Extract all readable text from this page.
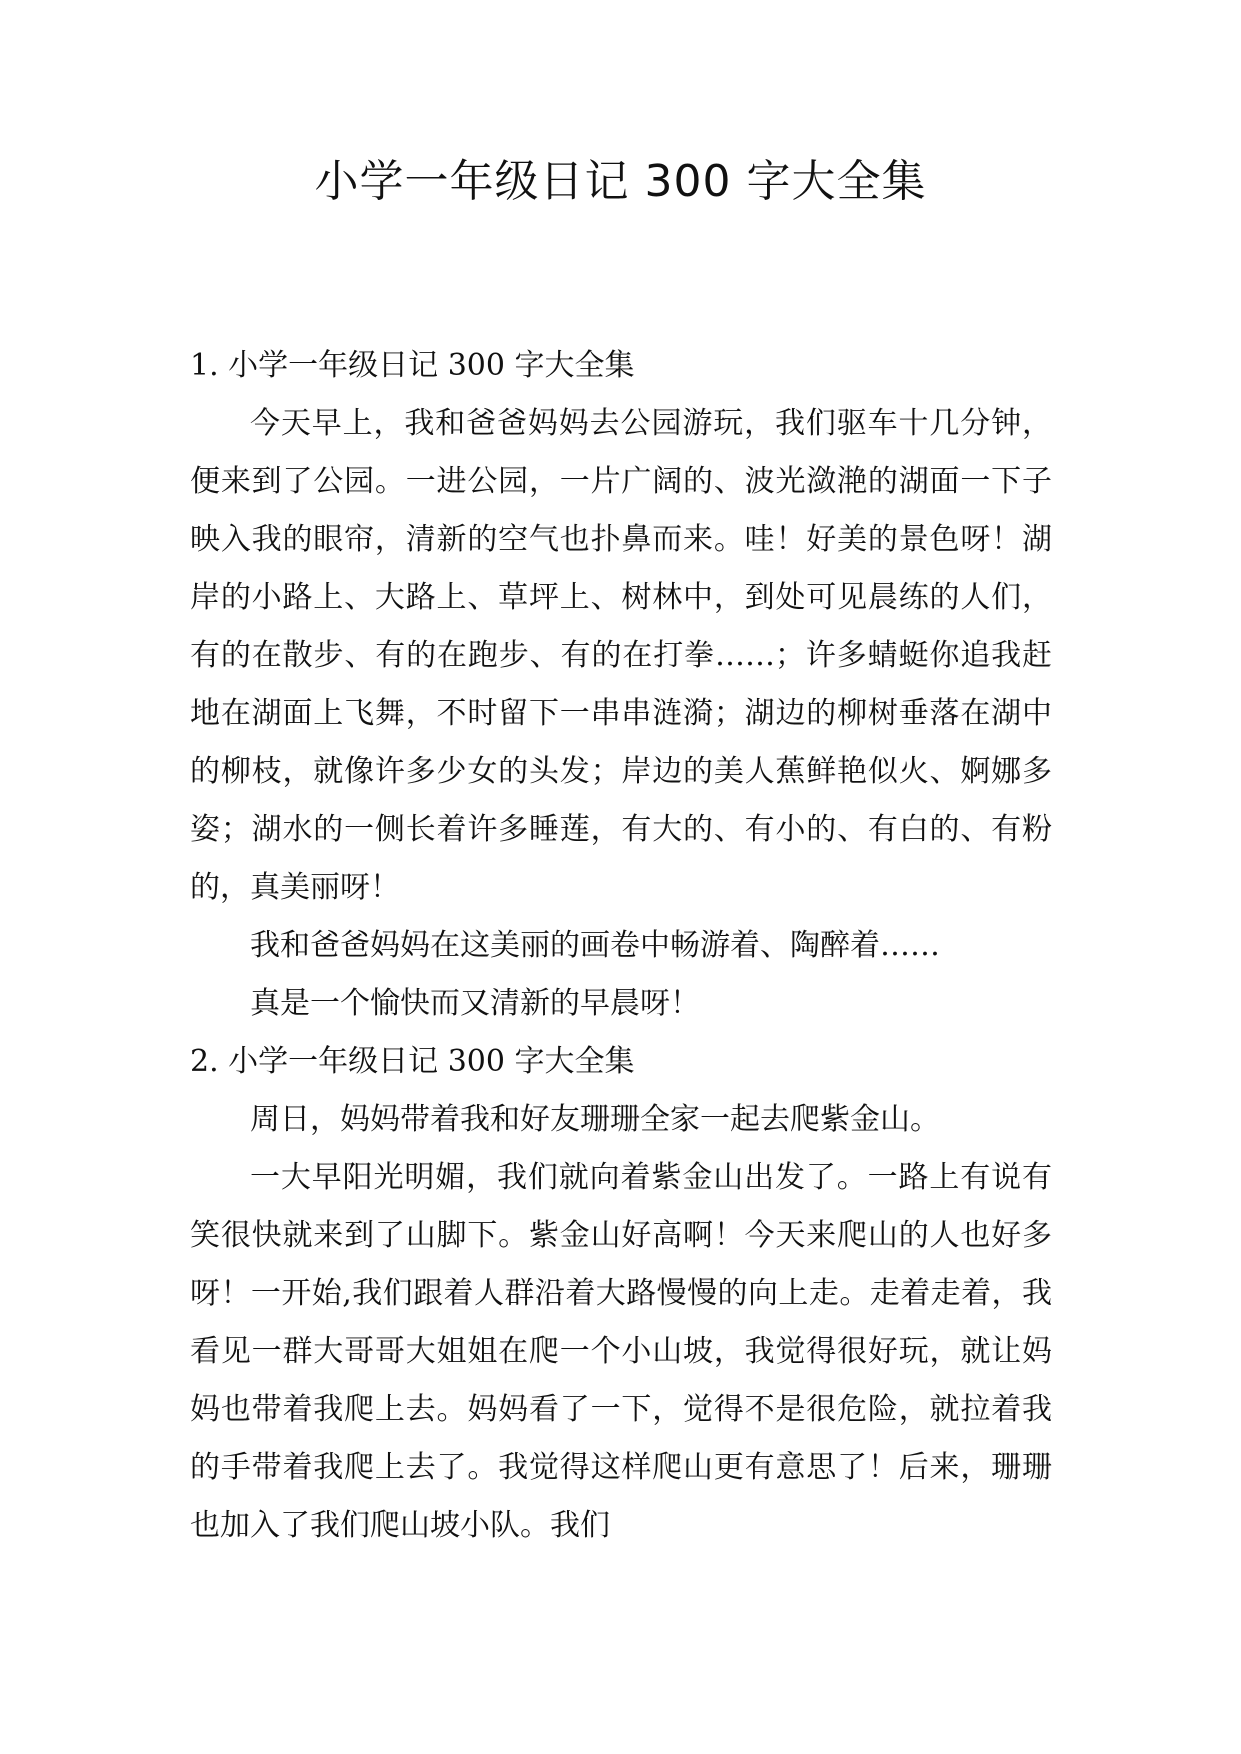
小学一年级日记 300 字大全集

1. 小学一年级日记 300 字大全集

今天早上，我和爸爸妈妈去公园游玩，我们驱车十几分钟，便来到了公园。一进公园，一片广阔的、波光潋滟的湖面一下子映入我的眼帘，清新的空气也扑鼻而来。哇！好美的景色呀！湖岸的小路上、大路上、草坪上、树林中，到处可见晨练的人们，有的在散步、有的在跑步、有的在打拳……；许多蜻蜓你追我赶地在湖面上飞舞，不时留下一串串涟漪；湖边的柳树垂落在湖中的柳枝，就像许多少女的头发；岸边的美人蕉鲜艳似火、婀娜多姿；湖水的一侧长着许多睡莲，有大的、有小的、有白的、有粉的，真美丽呀！

我和爸爸妈妈在这美丽的画卷中畅游着、陶醉着……

真是一个愉快而又清新的早晨呀！

2. 小学一年级日记 300 字大全集

周日，妈妈带着我和好友珊珊全家一起去爬紫金山。

一大早阳光明媚，我们就向着紫金山出发了。一路上有说有笑很快就来到了山脚下。紫金山好高啊！今天来爬山的人也好多呀！一开始,我们跟着人群沿着大路慢慢的向上走。走着走着，我看见一群大哥哥大姐姐在爬一个小山坡，我觉得很好玩，就让妈妈也带着我爬上去。妈妈看了一下，觉得不是很危险，就拉着我的手带着我爬上去了。我觉得这样爬山更有意思了！后来，珊珊也加入了我们爬山坡小队。我们
